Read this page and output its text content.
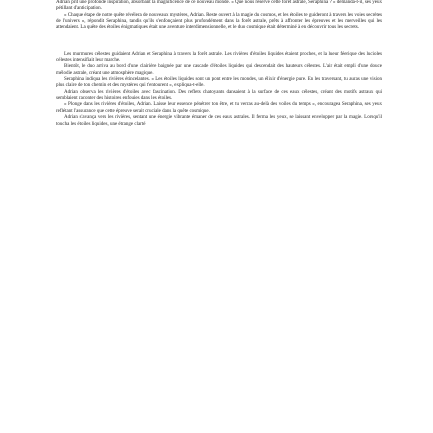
Adrian prit une profonde inspiration, absorbant la magnificence de ce nouveau monde. « Que nous réserve cette forêt astrale, Seraphina ? » demanda-t-il, ses yeux pétillant d'anticipation.

« Chaque étape de notre quête révélera de nouveaux mystères, Adrian. Reste ouvert à la magie du cosmos, et les étoiles te guideront à travers les voies secrètes de l'univers », répondit Seraphina, tandis qu'ils s'enfonçaient plus profondément dans la forêt astrale, prêts à affronter les épreuves et les merveilles qui les attendaient. La quête des étoiles énigmatiques était une aventure interdimensionnelle, et le duo cosmique était déterminé à en découvrir tous les secrets.

Les murmures célestes guidaient Adrian et Seraphina à travers la forêt astrale. Les rivières d'étoiles liquides étaient proches, et la lueur féerique des lucioles célestes intensifiait leur marche.

Bientôt, le duo arriva au bord d'une clairière baignée par une cascade d'étoiles liquides qui descendait des hauteurs célestes. L'air était empli d'une douce mélodie astrale, créant une atmosphère magique.

Seraphina indiqua les rivières étincelantes. « Les étoiles liquides sont un pont entre les mondes, un élixir d'énergie pure. En les traversant, tu auras une vision plus claire de ton chemin et des mystères qui t'entourent », expliqua-t-elle.

Adrian observa les rivières d'étoiles avec fascination. Des reflets chatoyants dansaient à la surface de ces eaux célestes, créant des motifs astraux qui semblaient raconter des histoires enfouies dans les étoiles.

« Plonge dans les rivières d'étoiles, Adrian. Laisse leur essence pénétrer ton être, et tu verras au-delà des voiles du temps », encouragea Seraphina, ses yeux reflétant l'assurance que cette épreuve serait cruciale dans la quête cosmique.

Adrian s'avança vers les rivières, sentant une énergie vibrante émaner de ces eaux astrales. Il ferma les yeux, se laissant envelopper par la magie. Lorsqu'il toucha les étoiles liquides, une étrange clarté
